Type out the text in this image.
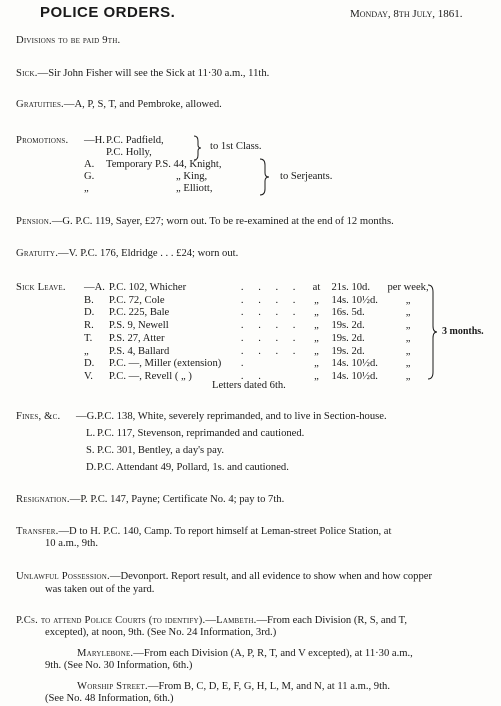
POLICE ORDERS.	Monday, 8th July, 1861.
Divisions to be paid 9th.
Sick.—Sir John Fisher will see the Sick at 11·30 a.m., 11th.
Gratuities.—A, P, S, T, and Pembroke, allowed.
Promotions. —H. P.C. Padfield,
P.C. Holly,
A. Temporary P.S. 44, Knight,
G.	„ King,
„	„ Elliott,
to 1st Class.
to Serjeants.
Pension.—G. P.C. 119, Sayer, £27; worn out. To be re-examined at the end of 12 months.
Gratuity.—V. P.C. 176, Eldridge . . . £24; worn out.
Sick Leave. —A.	P.C. 102, Whicher	. . . .	at	21s. 10d.	per week,
B.	P.C. 72, Cole	. . . .	„	14s. 10½d.	„
D.	P.C. 225, Bale	. . . .	„	16s. 5d.	„
R.	P.S. 9, Newell	. . . .	„	19s. 2d.	„
T.	P.S. 27, Atter	. . . .	„	19s. 2d.	„
„	P.S. 4, Ballard	. . . .	„	19s. 2d.	„
D.	P.C. —, Miller (extension)	.	„	14s. 10½d.	„
V.	P.C. —, Revell ( „ )	. .	„	14s. 10½d.	„
3 months.
Letters dated 6th.
Fines, &c. —G. P.C. 138, White, severely reprimanded, and to live in Section-house.
L. P.C. 117, Stevenson, reprimanded and cautioned.
S. P.C. 301, Bentley, a day's pay.
D. P.C. Attendant 49, Pollard, 1s. and cautioned.
Resignation.—P. P.C. 147, Payne; Certificate No. 4; pay to 7th.
Transfer.—D to H. P.C. 140, Camp. To report himself at Leman-street Police Station, at
10 a.m., 9th.
Unlawful Possession.—Devonport. Report result, and all evidence to show when and how copper
was taken out of the yard.
P.Cs. to attend Police Courts (to identify).—Lambeth.—From each Division (R, S, and T,
excepted), at noon, 9th. (See No. 24 Information, 3rd.)
Marylebone.—From each Division (A, P, R, T, and V excepted), at 11·30 a.m.,
9th. (See No. 30 Information, 6th.)
Worship Street.—From B, C, D, E, F, G, H, L, M, and N, at 11 a.m., 9th.
(See No. 48 Information, 6th.)
